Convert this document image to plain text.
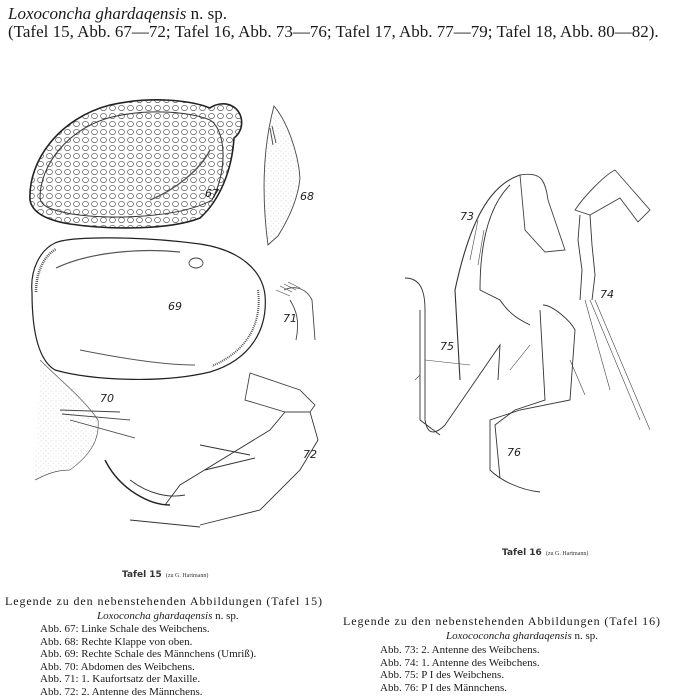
Loxoconcha ghardaqensis n. sp.
(Tafel 15, Abb. 67—72; Tafel 16, Abb. 73—76; Tafel 17, Abb. 77—79; Tafel 18, Abb. 80—82).
67	68
69
71
70
72
73
74
75
76
Tafel 15 (zu G. Hartmann)
Tafel 16 (zu G. Hartmann)
Legende zu den nebenstehenden Abbildungen (Tafel 15)
Loxoconcha ghardaqensis n. sp.
Abb. 67: Linke Schale des Weibchens.
Abb. 68: Rechte Klappe von oben.
Abb. 69: Rechte Schale des Männchens (Umriß).
Abb. 70: Abdomen des Weibchens.
Abb. 71: 1. Kaufortsatz der Maxille.
Abb. 72: 2. Antenne des Männchens.
Legende zu den nebenstehenden Abbildungen (Tafel 16)
Loxococoncha ghardaqensis n. sp.
Abb. 73: 2. Antenne des Weibchens.
Abb. 74: 1. Antenne des Weibchens.
Abb. 75: P I des Weibchens.
Abb. 76: P I des Männchens.
